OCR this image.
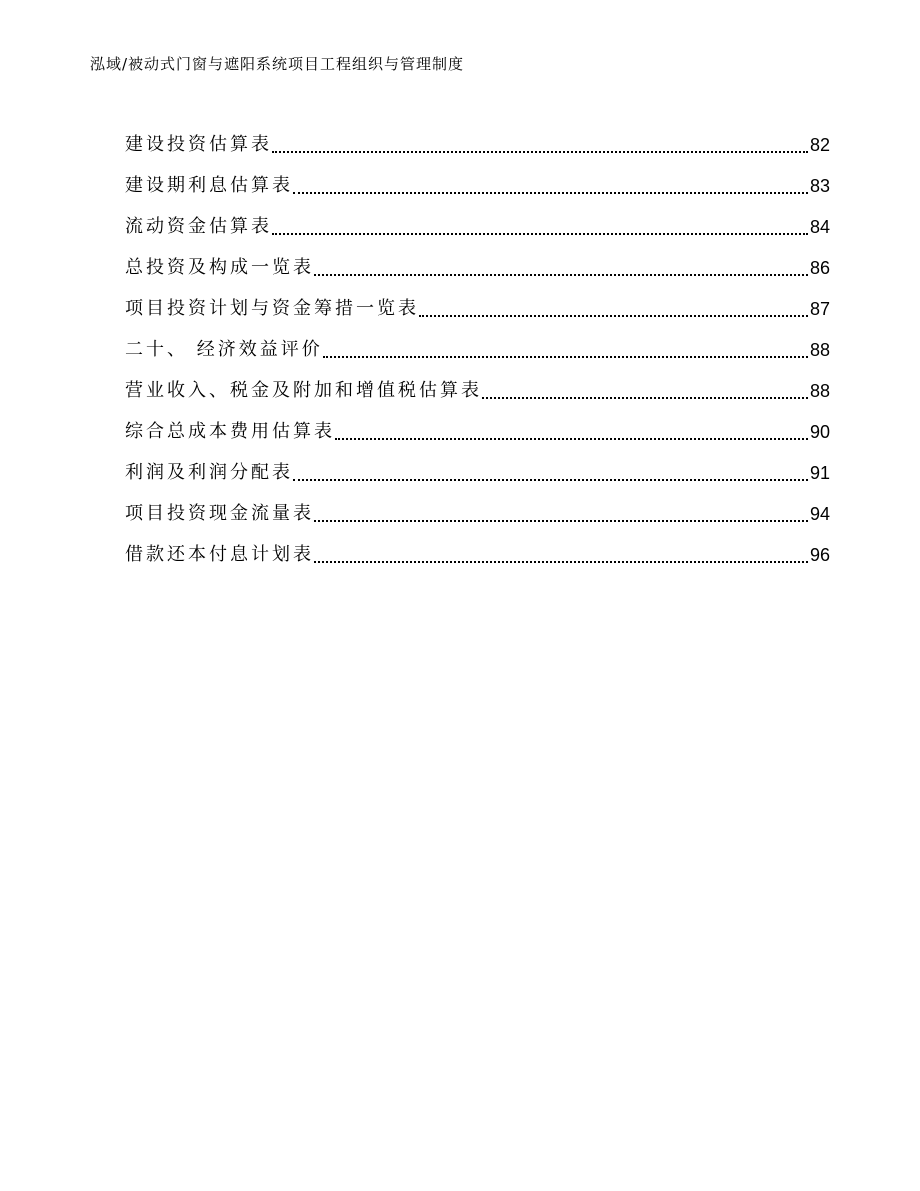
泓域/被动式门窗与遮阳系统项目工程组织与管理制度
建设投资估算表	82
建设期利息估算表	83
流动资金估算表	84
总投资及构成一览表	86
项目投资计划与资金筹措一览表	87
二十、 经济效益评价	88
营业收入、税金及附加和增值税估算表	88
综合总成本费用估算表	90
利润及利润分配表	91
项目投资现金流量表	94
借款还本付息计划表	96
